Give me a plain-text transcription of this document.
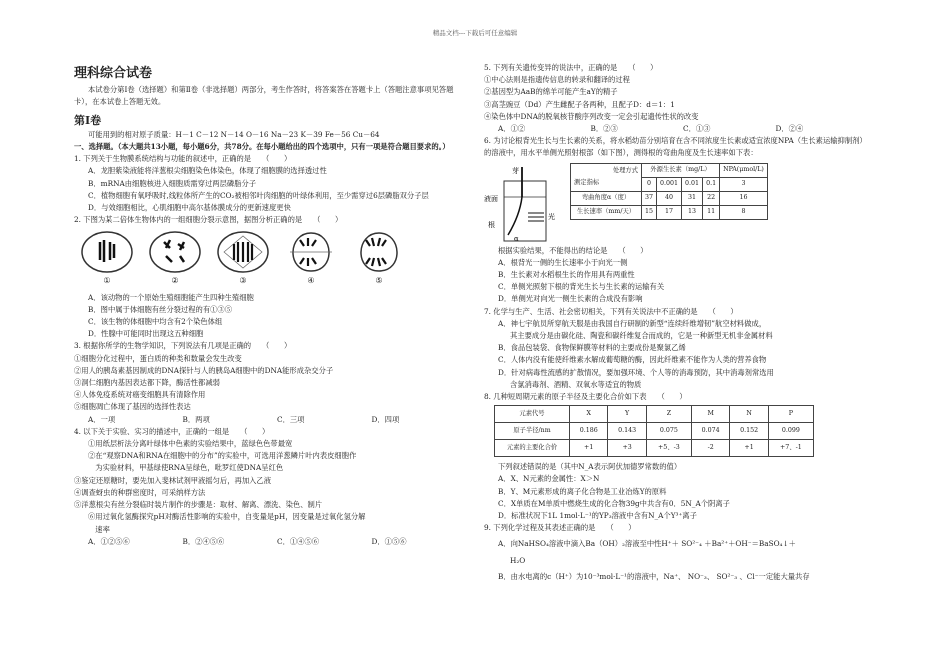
精品文档---下载后可任意编辑
理科综合试卷

本试卷分第Ⅰ卷（选择题）和第Ⅱ卷（非选择题）两部分，考生作答时，将答案答在答题卡上（答题注意事项见答题卡），在本试卷上答题无效。

第Ⅰ卷

可能用到的相对原子质量：H－1 C－12 N－14 O－16 Na－23 K－39 Fe－56 Cu－64

一、选择题。（本大题共13小题，每小题6分，共78分。在每小题给出的四个选项中，只有一项是符合题目要求的。）

1. 下列关于生物膜系统结构与功能的叙述中，正确的是　　（　　）

A．龙胆紫染液能将洋葱根尖细胞染色体染色，体现了细胞膜的选择透过性

B．mRNA由细胞核进入细胞质需穿过两层磷脂分子

C．植物细胞有氧呼吸时,线粒体所产生的CO₂被相邻叶肉细胞的叶绿体利用，至少需穿过6层磷脂双分子层

D．与效细胞相比，心肌细胞中高尔基体膜成分的更新速度更快

2. 下图为某二倍体生物体内的一组细胞分裂示意图，据图分析正确的是　　（　　）

①	②	③	④	⑤

A．该动物的一个原始生殖细胞能产生四种生殖细胞

B．图中属于体细胞有丝分裂过程的有①③⑤

C．该生物的体细胞中均含有2个染色体组

D．性腺中可能同时出现这五种细胞

3. 根据你所学的生物学知识，下列说法有几项是正确的　　（　　）

①细胞分化过程中，蛋白质的种类和数量会发生改变

②用人的胰岛素基因制成的DNA探针与人的胰岛A细胞中的DNA能形成杂交分子

③洞仁细胞内基因表达都下降，酶活性都减弱

④人体免疫系统对癌变细胞具有清除作用

⑤细胞凋亡体现了基因的选择性表达

A．一项	B．两项	C．三项	D．四项

4. 以下关于实验、实习的描述中，正确的一组是　　（　　）

①用纸层析法分离叶绿体中色素的实验结果中，蓝绿色色带最宽

②在“观察DNA和RNA在细胞中的分布”的实验中，可选用洋葱鳞片叶内表皮细胞作

　为实验材料，甲基绿使RNA呈绿色，吡罗红使DNA呈红色

③鉴定还原糖时，要先加入斐林试剂甲液摇匀后，再加入乙液

④调查蚜虫的种群密度时，可采纳样方法

⑤洋葱根尖有丝分裂临时装片制作的步骤是：取材、解离、漂洗、染色、制片

⑥用过氧化氢酶探究pH对酶活性影响的实验中，自变量是pH，因变量是过氧化氢分解

　速率

A．①②⑤⑥	B．②④⑤⑥	C．①④⑤⑥	D．①⑤⑥

5. 下列有关遗传变异的说法中，正确的是　　（　　）

①中心法则是指遗传信息的转录和翻译的过程

②基因型为AaB的绵羊可能产生aY的精子

③高茎豌豆（Dd）产生雌配子各两种，且配子D：d＝1：1

④染色体中DNA的脱氧核苷酸序列改变一定会引起遗传性状的改变

A．①②	B．②③	C．①③	D．②④

6. 为讨论根背光生长与生长素的关系，将水稻幼苗分别培育在含不同浓度生长素或适宜浓度NPA（生长素运输抑制剂）的溶液中，用水平单侧光照射根部（如下图），测得根的弯曲角度及生长速率如下表：

芽
液面
根
光
α
处理方式
测定指标	外源生长素（mg/L）				NPA(μmol/L)
	0	0.001	0.01	0.1	3
弯曲角度α（度）	37	40	31	22	16
生长速率（mm/天）	15	17	13	11	8

根据实验结果，不能得出的结论是　　（　　）

A．根背光一侧的生长速率小于向光一侧

B．生长素对水稻根生长的作用具有两重性

C．单侧光照射下根的背光生长与生长素的运输有关

D．单侧光对向光一侧生长素的合成没有影响

7. 化学与生产、生活、社会密切相关，下列有关说法中不正确的是　　（　　）

A．神七宇航员所穿航天服是由我国自行研制的新型“连续纤维增韧”航空材料做成，

其主要成分是由碳化硅、陶瓷和碳纤维复合而成的，它是一种新型无机非金属材料

B．食品包装袋、食物保鲜膜等材料的主要成份是聚氯乙烯

C．人体内没有能使纤维素水解成葡萄糖的酶，因此纤维素不能作为人类的营养食物

D．针对病毒性流感的扩散情况，要加强环境、个人等的消毒预防，其中消毒剂常选用

含氯消毒剂、酒精、双氧水等适宜的物质

8. 几种短周期元素的原子半径及主要化合价如下表　　（　　）

元素代号	X	Y	Z	M	N	P
原子半径/nm	0.186	0.143	0.075	0.074	0.152	0.099
元素的主要化合价	+1	+3	+5、-3	-2	+1	+7、-1

下列叙述错误的是（其中N_A表示阿伏加德罗常数的值）

A．X、N元素的金属性：X＞N

B．Y、M元素形成的离子化合物是工业冶炼Y的原料

C．X单质在M单质中燃烧生成的化合物39g中共含有0．5N_A个阴离子

D．标准状况下1L 1mol·L⁻¹的YP₃溶液中含有N_A个Y³⁺离子

9. 下列化学过程及其表述正确的是　　（　　）

A．向NaHSO₄溶液中滴入Ba（OH）₂溶液至中性H⁺＋ SO²⁻₄ ＋Ba²⁺＋OH⁻＝BaSO₄↓＋

H₂O

B．由水电离的c（H⁺）为10⁻³mol·L⁻¹的溶液中，Na⁺、 NO⁻₃、 SO²⁻₃ 、Cl⁻一定能大量共存
